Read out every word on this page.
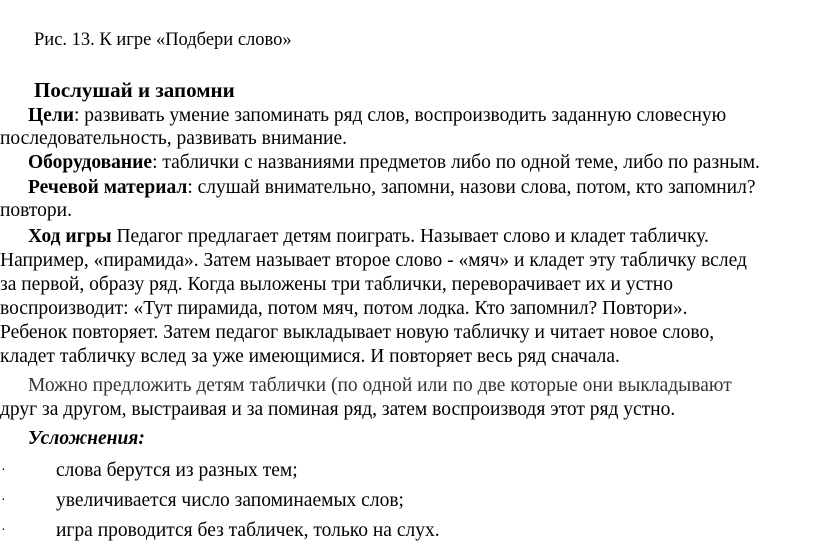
Рис. 13. К игре «Подбери слово»
Послушай и запомни
Цели: развивать умение запоминать ряд слов, воспроизводить заданную словесную
последовательность, развивать внимание.
Оборудование: таблички с названиями предметов либо по одной теме, либо по разным.
Речевой материал: слушай внимательно, запомни, назови слова, потом, кто запомнил?
повтори.
Ход игры Педагог предлагает детям поиграть. Называет слово и кладет табличку.
Например, «пирамида». Затем называет второе слово - «мяч» и кладет эту табличку вслед
за первой, образу ряд. Когда выложены три таблички, переворачивает их и устно
воспроизводит: «Тут пирамида, потом мяч, потом лодка. Кто запомнил? Повтори».
Ребенок повторяет. Затем педагог выкладывает новую табличку и читает новое слово,
кладет табличку вслед за уже имеющимися. И повторяет весь ряд сначала.
Можно предложить детям таблички (по одной или по две которые они выкладывают
друг за другом, выстраивая и за поминая ряд, затем воспроизводя этот ряд устно.
Усложнения:
·	слова берутся из разных тем;
·	увеличивается число запоминаемых слов;
·	игра проводится без табличек, только на слух.
